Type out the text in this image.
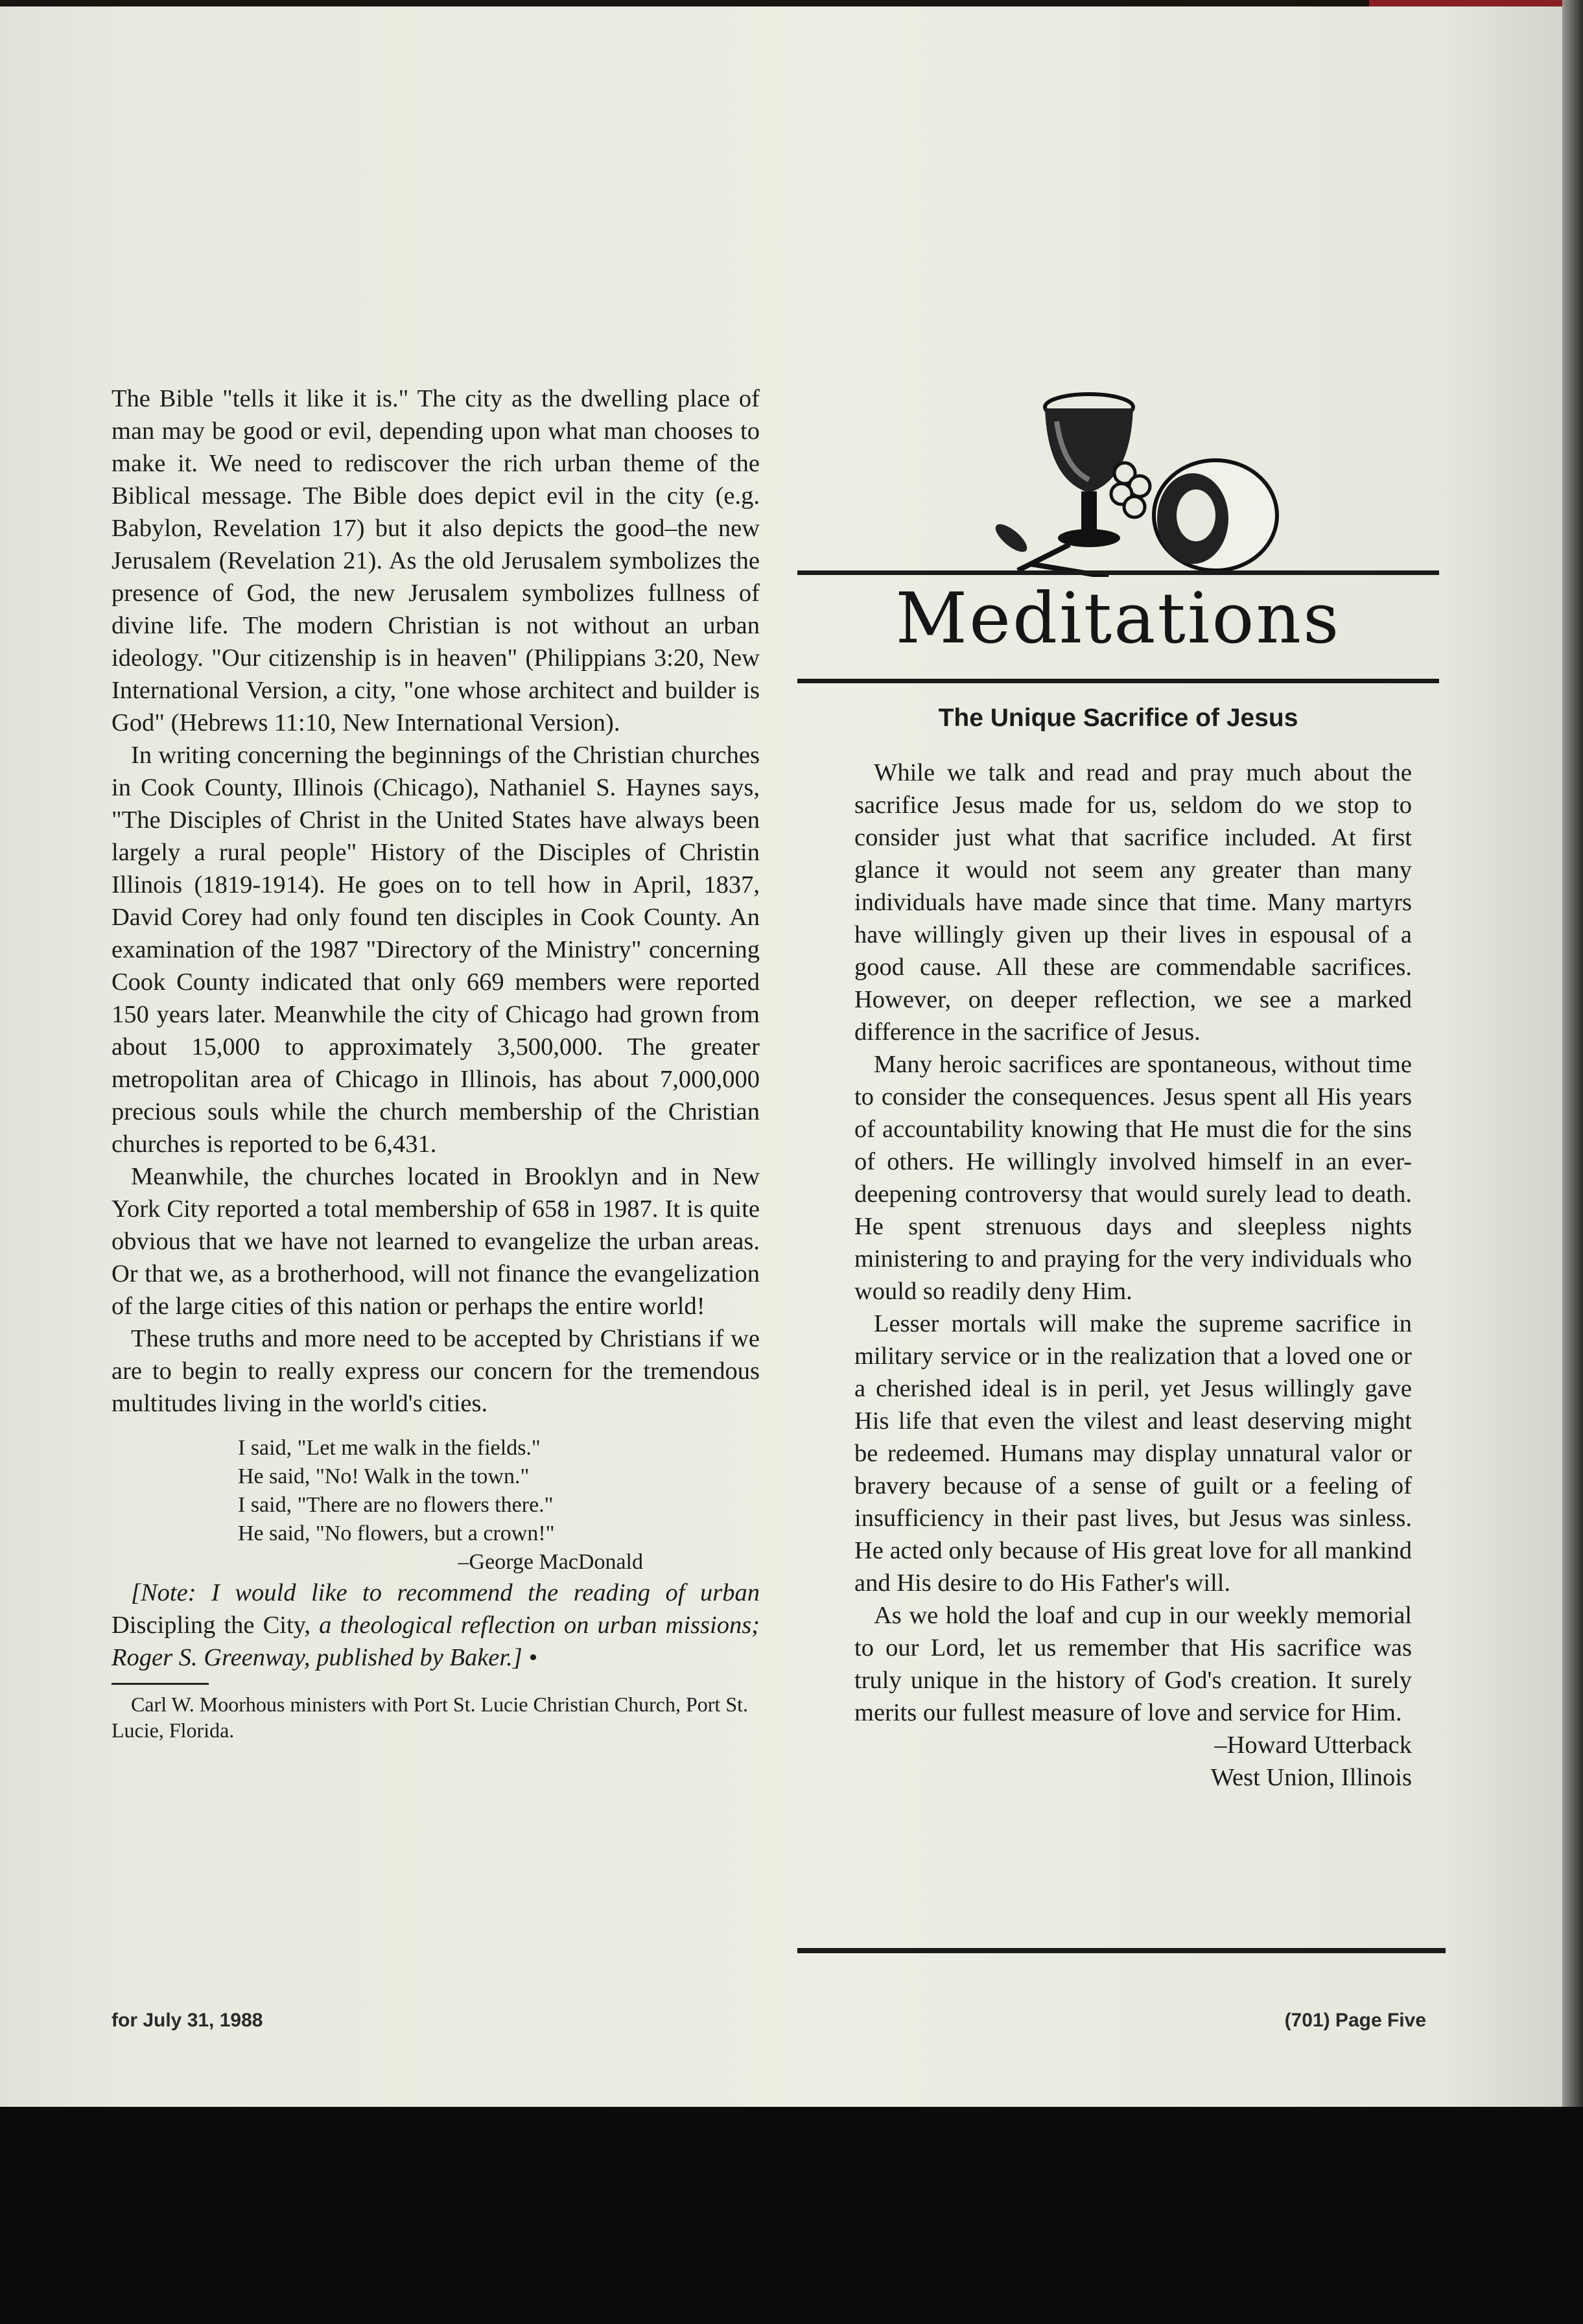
The Bible "tells it like it is." The city as the dwelling place of man may be good or evil, depending upon what man chooses to make it. We need to rediscover the rich urban theme of the Biblical message. The Bible does depict evil in the city (e.g. Babylon, Revelation 17) but it also depicts the good–the new Jerusalem (Revelation 21). As the old Jerusalem symbolizes the presence of God, the new Jerusalem symbolizes fullness of divine life. The modern Christian is not without an urban ideology. "Our citizenship is in heaven" (Philippians 3:20, New International Version, a city, "one whose architect and builder is God" (Hebrews 11:10, New International Version).

In writing concerning the beginnings of the Christian churches in Cook County, Illinois (Chicago), Nathaniel S. Haynes says, "The Disciples of Christ in the United States have always been largely a rural people" History of the Disciples of Christin Illinois (1819-1914). He goes on to tell how in April, 1837, David Corey had only found ten disciples in Cook County. An examination of the 1987 "Directory of the Ministry" concerning Cook County indicated that only 669 members were reported 150 years later. Meanwhile the city of Chicago had grown from about 15,000 to approximately 3,500,000. The greater metropolitan area of Chicago in Illinois, has about 7,000,000 precious souls while the church membership of the Christian churches is reported to be 6,431.

Meanwhile, the churches located in Brooklyn and in New York City reported a total membership of 658 in 1987. It is quite obvious that we have not learned to evangelize the urban areas. Or that we, as a brotherhood, will not finance the evangelization of the large cities of this nation or perhaps the entire world!

These truths and more need to be accepted by Christians if we are to begin to really express our concern for the tremendous multitudes living in the world's cities.

I said, "Let me walk in the fields."
He said, "No! Walk in the town."
I said, "There are no flowers there."
He said, "No flowers, but a crown!"
–George MacDonald

[Note: I would like to recommend the reading of urban Discipling the City, a theological reflection on urban missions; Roger S. Greenway, published by Baker.] •

Carl W. Moorhous ministers with Port St. Lucie Christian Church, Port St. Lucie, Florida.

Meditations
The Unique Sacrifice of Jesus

While we talk and read and pray much about the sacrifice Jesus made for us, seldom do we stop to consider just what that sacrifice included. At first glance it would not seem any greater than many individuals have made since that time. Many martyrs have willingly given up their lives in espousal of a good cause. All these are commendable sacrifices. However, on deeper reflection, we see a marked difference in the sacrifice of Jesus.

Many heroic sacrifices are spontaneous, without time to consider the consequences. Jesus spent all His years of accountability knowing that He must die for the sins of others. He willingly involved himself in an ever-deepening controversy that would surely lead to death. He spent strenuous days and sleepless nights ministering to and praying for the very individuals who would so readily deny Him.

Lesser mortals will make the supreme sacrifice in military service or in the realization that a loved one or a cherished ideal is in peril, yet Jesus willingly gave His life that even the vilest and least deserving might be redeemed. Humans may display unnatural valor or bravery because of a sense of guilt or a feeling of insufficiency in their past lives, but Jesus was sinless. He acted only because of His great love for all mankind and His desire to do His Father's will.

As we hold the loaf and cup in our weekly memorial to our Lord, let us remember that His sacrifice was truly unique in the history of God's creation. It surely merits our fullest measure of love and service for Him.

–Howard Utterback
West Union, Illinois
for July 31, 1988	(701) Page Five
